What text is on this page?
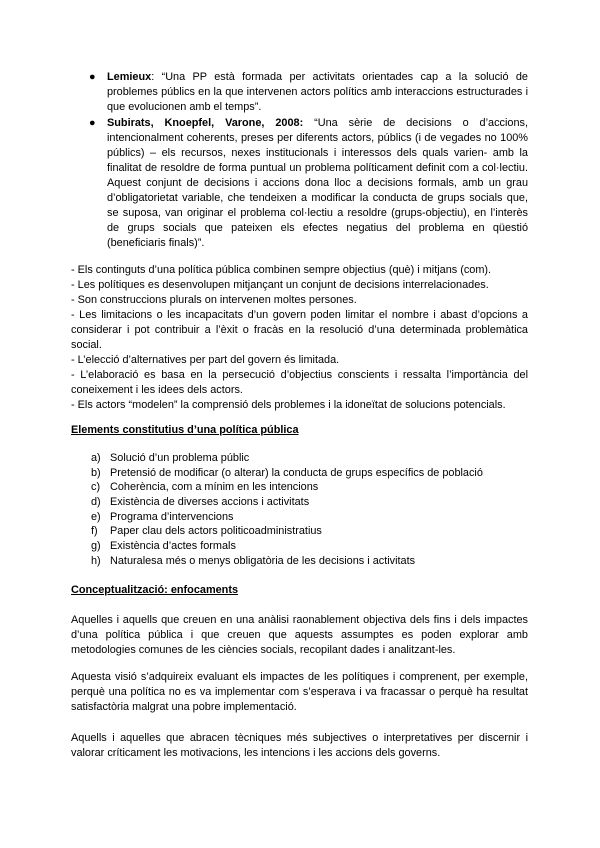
● Lemieux: “Una PP està formada per activitats orientades cap a la solució de problemes públics en la que intervenen actors polítics amb interaccions estructurades i que evolucionen amb el temps”.
● Subirats, Knoepfel, Varone, 2008: “Una sèrie de decisions o d’accions, intencionalment coherents, preses per diferents actors, públics (i de vegades no 100% públics) – els recursos, nexes institucionals i interessos dels quals varien- amb la finalitat de resoldre de forma puntual un problema políticament definit com a col·lectiu. Aquest conjunt de decisions i accions dona lloc a decisions formals, amb un grau d’obligatorietat variable, che tendeixen a modificar la conducta de grups socials que, se suposa, van originar el problema col·lectiu a resoldre (grups-objectiu), en l’interès de grups socials que pateixen els efectes negatius del problema en qüestió (beneficiaris finals)”.

- Els continguts d’una política pública combinen sempre objectius (què) i mitjans (com).

- Les polítiques es desenvolupen mitjançant un conjunt de decisions interrelacionades.

- Son construccions plurals on intervenen moltes persones.

- Les limitacions o les incapacitats d’un govern poden limitar el nombre i abast d’opcions a considerar i pot contribuir a l’èxit o fracàs en la resolució d’una determinada problemàtica social.

- L’elecció d’alternatives per part del govern és limitada.

- L’elaboració es basa en la persecució d’objectius conscients i ressalta l’importància del coneixement i les idees dels actors.

- Els actors “modelen” la comprensió dels problemes i la idoneïtat de solucions potencials.

Elements constitutius d’una política pública
a) Solució d’un problema públic
b) Pretensió de modificar (o alterar) la conducta de grups específics de població
c) Coherència, com a mínim en les intencions
d) Existència de diverses accions i activitats
e) Programa d’intervencions
f) Paper clau dels actors politicoadministratius
g) Existència d’actes formals
h) Naturalesa més o menys obligatòria de les decisions i activitats
Conceptualització: enfocaments
Aquelles i aquells que creuen en una anàlisi raonablement objectiva dels fins i dels impactes d’una política pública i que creuen que aquests assumptes es poden explorar amb metodologies comunes de les ciències socials, recopilant dades i analitzant-les.
Aquesta visió s’adquireix evaluant els impactes de les polítiques i comprenent, per exemple, perquè una política no es va implementar com s’esperava i va fracassar o perquè ha resultat satisfactòria malgrat una pobre implementació.
Aquells i aquelles que abracen tècniques més subjectives o interpretatives per discernir i valorar críticament les motivacions, les intencions i les accions dels governs.
